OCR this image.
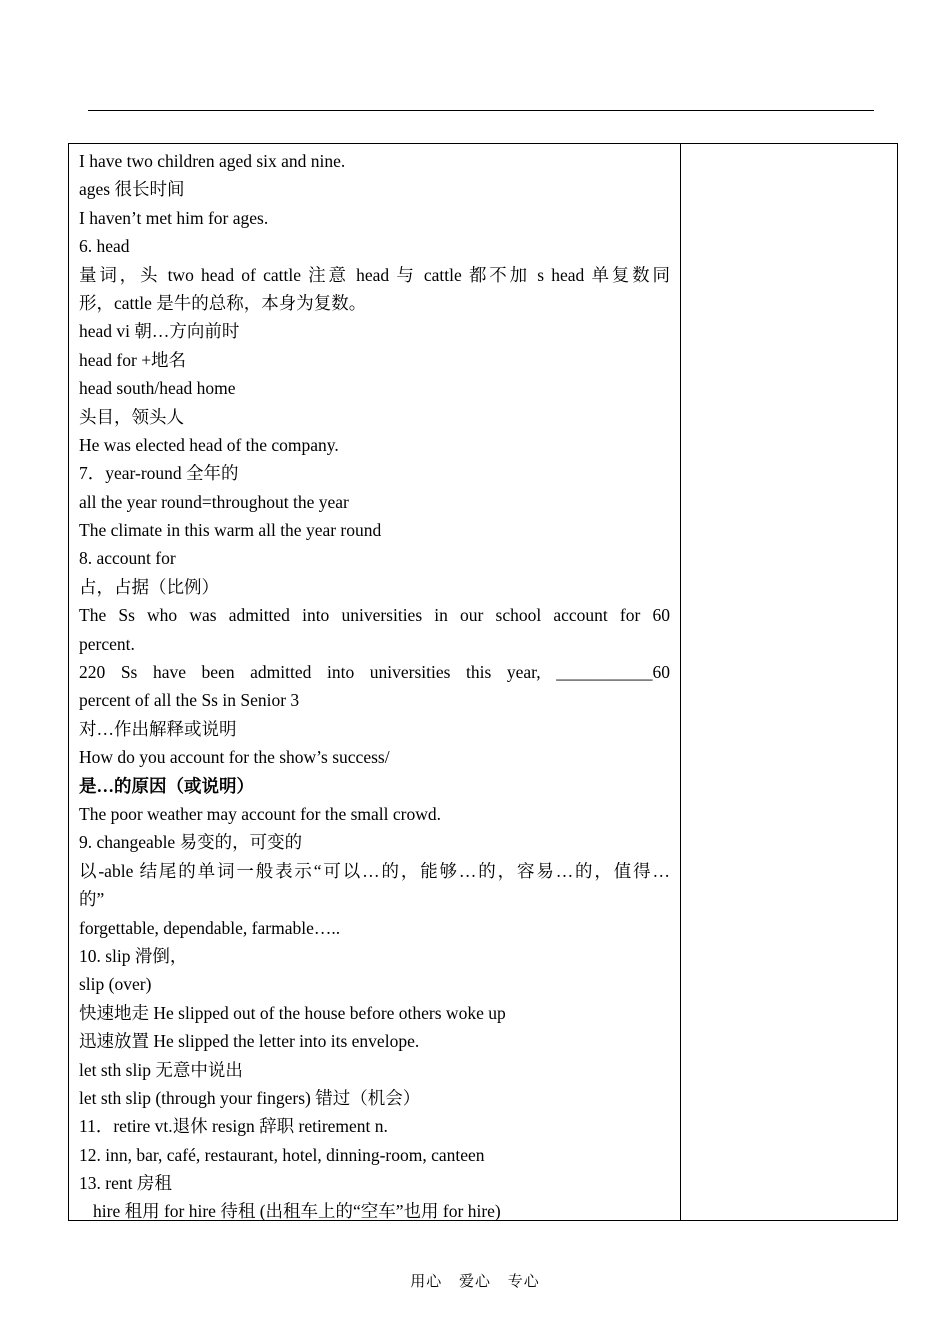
I have two children aged six and nine.
ages 很长时间
I haven’t met him for ages.
6. head
量词，头 two head of cattle 注意 head 与 cattle 都不加 s head 单复数同
形，cattle 是牛的总称，本身为复数。
head vi 朝…方向前时
head for +地名
head south/head home
头目，领头人
He was elected head of the company.
7．year-round 全年的
all the year round=throughout the year
The climate in this warm all the year round
8. account for
占，占据（比例）
The Ss who was admitted into universities in our school account for 60
percent.
220 Ss have been admitted into universities this year, ___________60
percent of all the Ss in Senior 3
对…作出解释或说明
How do you account for the show’s success/
是…的原因（或说明）
The poor weather may account for the small crowd.
9. changeable 易变的，可变的
以-able 结尾的单词一般表示“可以…的，能够…的，容易…的，值得…
的”
forgettable, dependable, farmable…..
10. slip 滑倒，
slip (over)
快速地走 He slipped out of the house before others woke up
迅速放置 He slipped the letter into its envelope.
let sth slip 无意中说出
let sth slip (through your fingers) 错过（机会）
11．retire vt.退休 resign 辞职 retirement n.
12. inn, bar, café, restaurant, hotel, dinning-room, canteen
13. rent 房租
hire 租用 for hire 待租 (出租车上的“空车”也用 for hire)
用心 爱心 专心
